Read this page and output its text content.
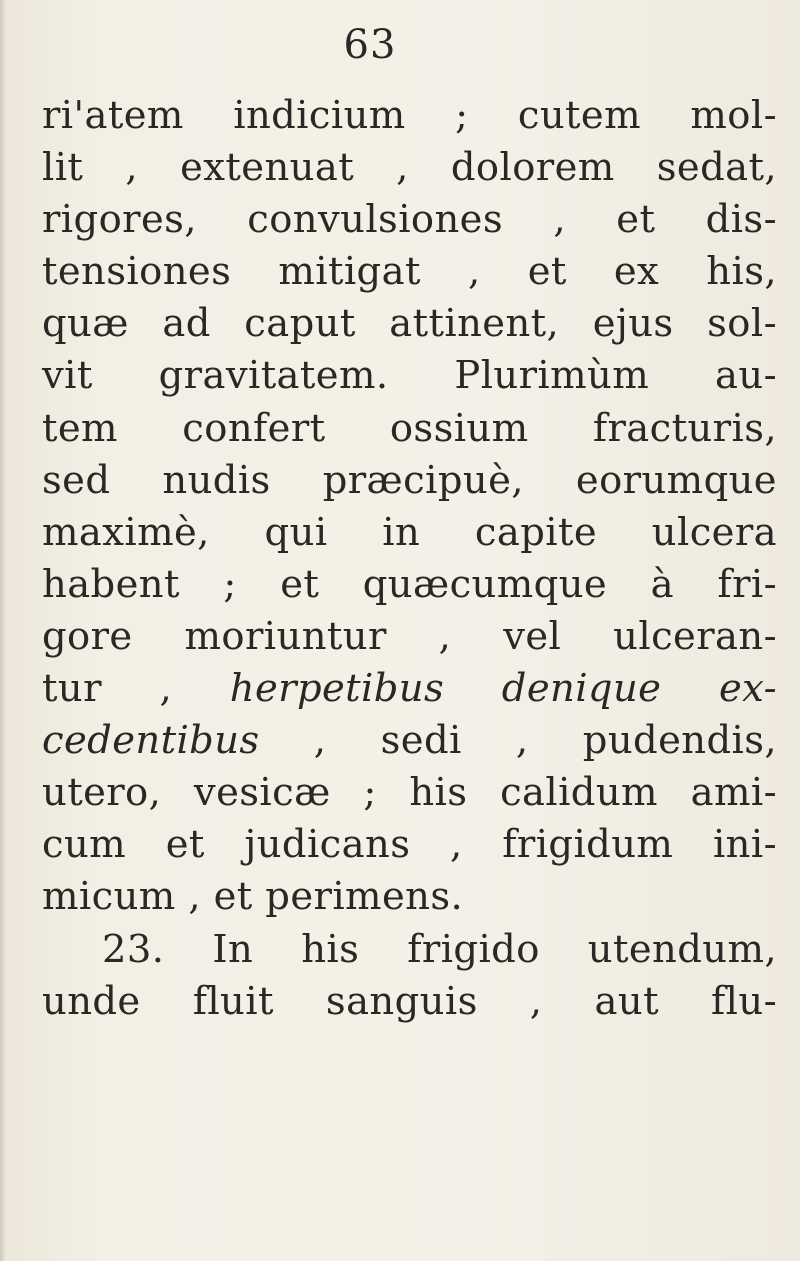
63
ri'atem indicium ; cutem mol-
lit , extenuat , dolorem sedat,
rigores, convulsiones , et dis-
tensiones mitigat , et ex his,
quæ ad caput attinent, ejus sol-
vit gravitatem. Plurimùm au-
tem confert ossium fracturis,
sed nudis præcipuè, eorumque
maximè, qui in capite ulcera
habent ; et quæcumque à fri-
gore moriuntur , vel ulceran-
tur , herpetibus denique ex-
cedentibus , sedi , pudendis,
utero, vesicæ ; his calidum ami-
cum et judicans , frigidum ini-
micum , et perimens.
23. In his frigido utendum,
unde fluit sanguis , aut flu-
